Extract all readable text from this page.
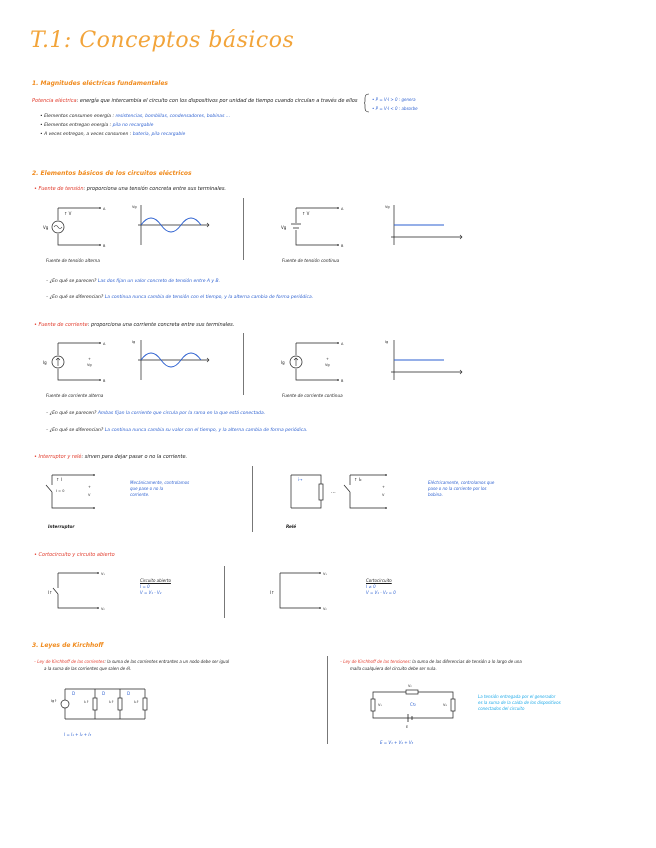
T.1: Conceptos básicos
1. Magnitudes eléctricas fundamentales
Potencia eléctrica: energía que intercambia el circuito con los dispositivos por unidad de tiempo cuando circulan a través de ellos	• P = V·I > 0 : genera
• P = V·I < 0 : absorbe
• Elementos consumen energía : resistencias, bombillas, condensadores, bobinas ...
• Elementos entregan energía : pila no recargable
• A veces entregan, a veces consumen : batería, pila recargable
2. Elementos básicos de los circuitos eléctricos
• Fuente de tensión: proporciona una tensión concreta entre sus terminales.
A
B
↑ V
Vg
Vg
Fuente de tensión alterna
A
B
↑ V
Vg
Vg
Fuente de tensión continua
– ¿En qué se parecen? Las dos fijan un valor concreto de tensión entre A y B.
– ¿En qué se diferencian? La continua nunca cambia de tensión con el tiempo, y la alterna cambia de forma periódica.
• Fuente de corriente: proporciona una corriente concreta entre sus terminales.
A
B
+
Vg
Ig
Ig
Fuente de corriente alterna
A
B
+
Vg
Ig
Ig
Fuente de corriente continua
– ¿En qué se parecen? Ambas fijan la corriente que circula por la rama en la que está conectada.
– ¿En qué se diferencian? La continua nunca cambia su valor con el tiempo, y la alterna cambia de forma periódica.
• Interruptor y relé: sirven para dejar pasar o no la corriente.
↑ I
I = 0
+
V
Mecánicamente, controlamos
que pase o no la
corriente.
Interruptor
i→
···
↑ I₀
+
V
Eléctricamente, controlamos que
pase o no la corriente por los
bobina.
Relé
• Cortocircuito y circuito abierto
V₁
V₂
I↑
Circuito abierto
I = 0
V = V₁ - V₂
V₁
V₂
I↑
Cortocircuito
I ≠ 0
V = V₁ - V₂ = 0
3. Leyes de Kirchhoff
– Ley de Kirchhoff de las corrientes: la suma de las corrientes entrantes a un nodo debe ser igual
a la suma de las corrientes que salen de él.
Ig↑	I₁↑	I₂↑	I₃↑
D	D	D
I = I₁ + I₂ + I₃
– Ley de Kirchhoff de las tensiones: la suma de las diferencias de tensión a lo largo de una
malla cualquiera del circuito debe ser nula.
V₂
V₁	V₃
C↻
E
La tensión entregada por el generador
es la suma de la caída de los dispositivos
conectados del circuito
E = V₁ + V₂ + V₃
